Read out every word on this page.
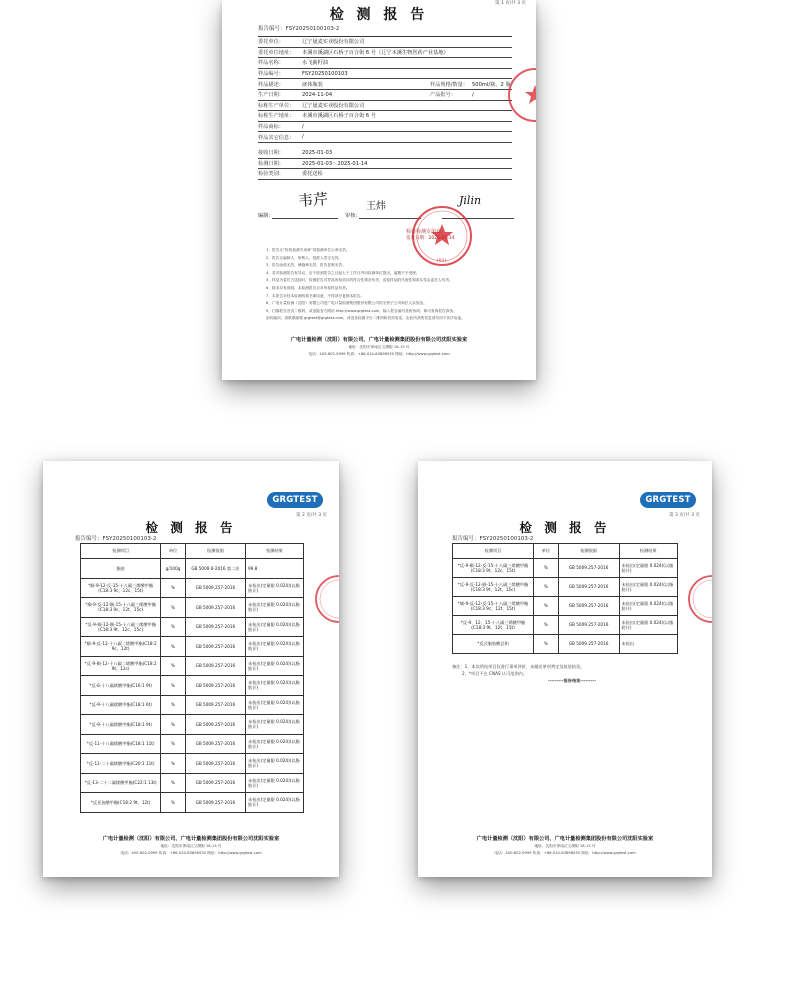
第 1 页/共 3 页
检 测 报 告
报告编号：FSY20250100103-2
委托单位：	辽宁晟麦实业股份有限公司
委托单位地址：	本溪市溪湖区石桥子百合街 6 号（辽宁本溪生物医药产业基地）
样品名称：	水飞蓟籽油
样品编号：	FSY20250100103
样品描述：	液体瓶装	样品规格/数量： 500ml/瓶，2 瓶
生产日期：	2024-11-04	产品批号：	/
标称生产单位：	辽宁晟麦实业股份有限公司
标称生产地址：	本溪市溪湖区石桥子百合街 6 号
样品商标：	/
样品其它信息：	/
接收日期：	2025-01-03
检测日期：	2025-01-03～2025-01-14
检验类别：	委托送检
韦芹	王炜	Jilin
编制：	审核：
检验检测专用章
签发日期：2025-01-14
(01)
1、报告无“检验检测专用章”或检测单位公章无效。
2、报告无编制人、审核人、批准人签字无效。
3、报告涂改无效，骑缝章无效，报告复制无效。
4、若对检测报告有异议，应于收到报告之日起七个工作日内向检测单位提出，逾期不予受理。
5、样品为委托方送检时，检测报告对样品所检项目的符合性情况负责，送检样品的代表性和真实性由委托人负责。
6、除非另有说明，本检测报告仅对所检样品负责。
7、本报告未经本检测机构书面同意，不得部分复制本报告。
8、广电计量检测（沈阳）有限公司是广电计量检测集团股份有限公司的全资子公司和法人实验室。
9、扫描报告首页二维码，或登陆官方网站 http://www.grgtest.com，输入报告编号及防伪码，即可查询报告真伪。
如有疑问，请联系邮箱 grgtest@grgtest.com，或登录检测平台二维码和有效电话，由此所获的信息请勿用于非法用途。
广电计量检测（沈阳）有限公司、广电计量检测集团股份有限公司沈阳实验室
地址：沈阳市浑南区文溯街 16-13 号
电话：400-602-0999 传真：+86-024-83896530 网址：http://www.grgtest.com
GRGTEST
第 2 页/共 3 页
检 测 报 告
报告编号：FSY20250100103-2
检测项目	单位	检测依据	检测结果
脂肪	g/100g	GB 5009.6-2016 第二法	99.8
*顺-9-12-反-15-十八碳三烯酸甲酯(C18:3 9c、12c、15t)	%	GB 5009.257-2016	未检出(定量限 0.024)(以脂肪计)
*顺-9-反-12-顺-15-十八碳三烯酸甲酯(C18:3 9c、12t、15c)	%	GB 5009.257-2016	未检出(定量限 0.024)(以脂肪计)
*反-9-顺-12-顺-15-十八碳三烯酸甲酯(C18:3 9t、12c、15c)	%	GB 5009.257-2016	未检出(定量限 0.024)(以脂肪计)
*顺-9-反-12-十八碳二烯酸甲酯(C18:2 9c、12t)	%	GB 5009.257-2016	未检出(定量限 0.024)(以脂肪计)
*反-9-顺-12-十八碳二烯酸甲酯(C18:2 9t、12c)	%	GB 5009.257-2016	未检出(定量限 0.024)(以脂肪计)
*反-6-十八碳烯酸甲酯(C16:1 9t)	%	GB 5009.257-2016	未检出(定量限 0.024)(以脂肪计)
*反-9-十八碳烯酸甲酯(C18:1 6t)	%	GB 5009.257-2016	未检出(定量限 0.024)(以脂肪计)
*反-9-十八碳烯酸甲酯(C18:1 9t)	%	GB 5009.257-2016	未检出(定量限 0.024)(以脂肪计)
*反-11-十八碳烯酸甲酯(C18:1 11t)	%	GB 5009.257-2016	未检出(定量限 0.024)(以脂肪计)
*反-11-二十碳烯酸甲酯(C20:1 11t)	%	GB 5009.257-2016	未检出(定量限 0.024)(以脂肪计)
*反-13-二十二碳烯酸甲酯(C22:1 13t)	%	GB 5009.257-2016	未检出(定量限 0.024)(以脂肪计)
*反亚油酸甲酯(C18:2 9t、12t)	%	GB 5009.257-2016	未检出(定量限 0.024)(以脂肪计)
广电计量检测（沈阳）有限公司、广电计量检测集团股份有限公司沈阳实验室
地址：沈阳市浑南区文溯街 16-13 号
电话：400-602-0999 传真：+86-024-83896530 网址：http://www.grgtest.com
GRGTEST
第 3 页/共 3 页
检 测 报 告
报告编号：FSY20250100103-2
检测项目	单位	检测依据	检测结果
*反-9-顺-12-反-15-十八碳三烯酸甲酯(C18:3 9t、12c、15t)	%	GB 5009.257-2016	未检出(定量限 0.024)(以脂肪计)
*反-9-反-12-顺-15-十八碳三烯酸甲酯(C18:3 9t、12t、15c)	%	GB 5009.257-2016	未检出(定量限 0.024)(以脂肪计)
*顺-9-反-12-反-15-十八碳三烯酸甲酯(C18:3 9c、12t、15t)	%	GB 5009.257-2016	未检出(定量限 0.024)(以脂肪计)
*反-9、12、15-十八碳三烯酸甲酯(C18:3 9t、12t、15t)	%	GB 5009.257-2016	未检出(定量限 0.024)(以脂肪计)
*反式脂肪酸总和	%	GB 5009.257-2016	未检出
备注：1、本次所检项目仅进行事项评价，未做出单项判定及检验结论。
2、*项目不在 CNAS 认可范围内。
---------报告结束---------
广电计量检测（沈阳）有限公司、广电计量检测集团股份有限公司沈阳实验室
地址：沈阳市浑南区文溯街 16-13 号
电话：400-602-0999 传真：+86-024-83896530 网址：http://www.grgtest.com
